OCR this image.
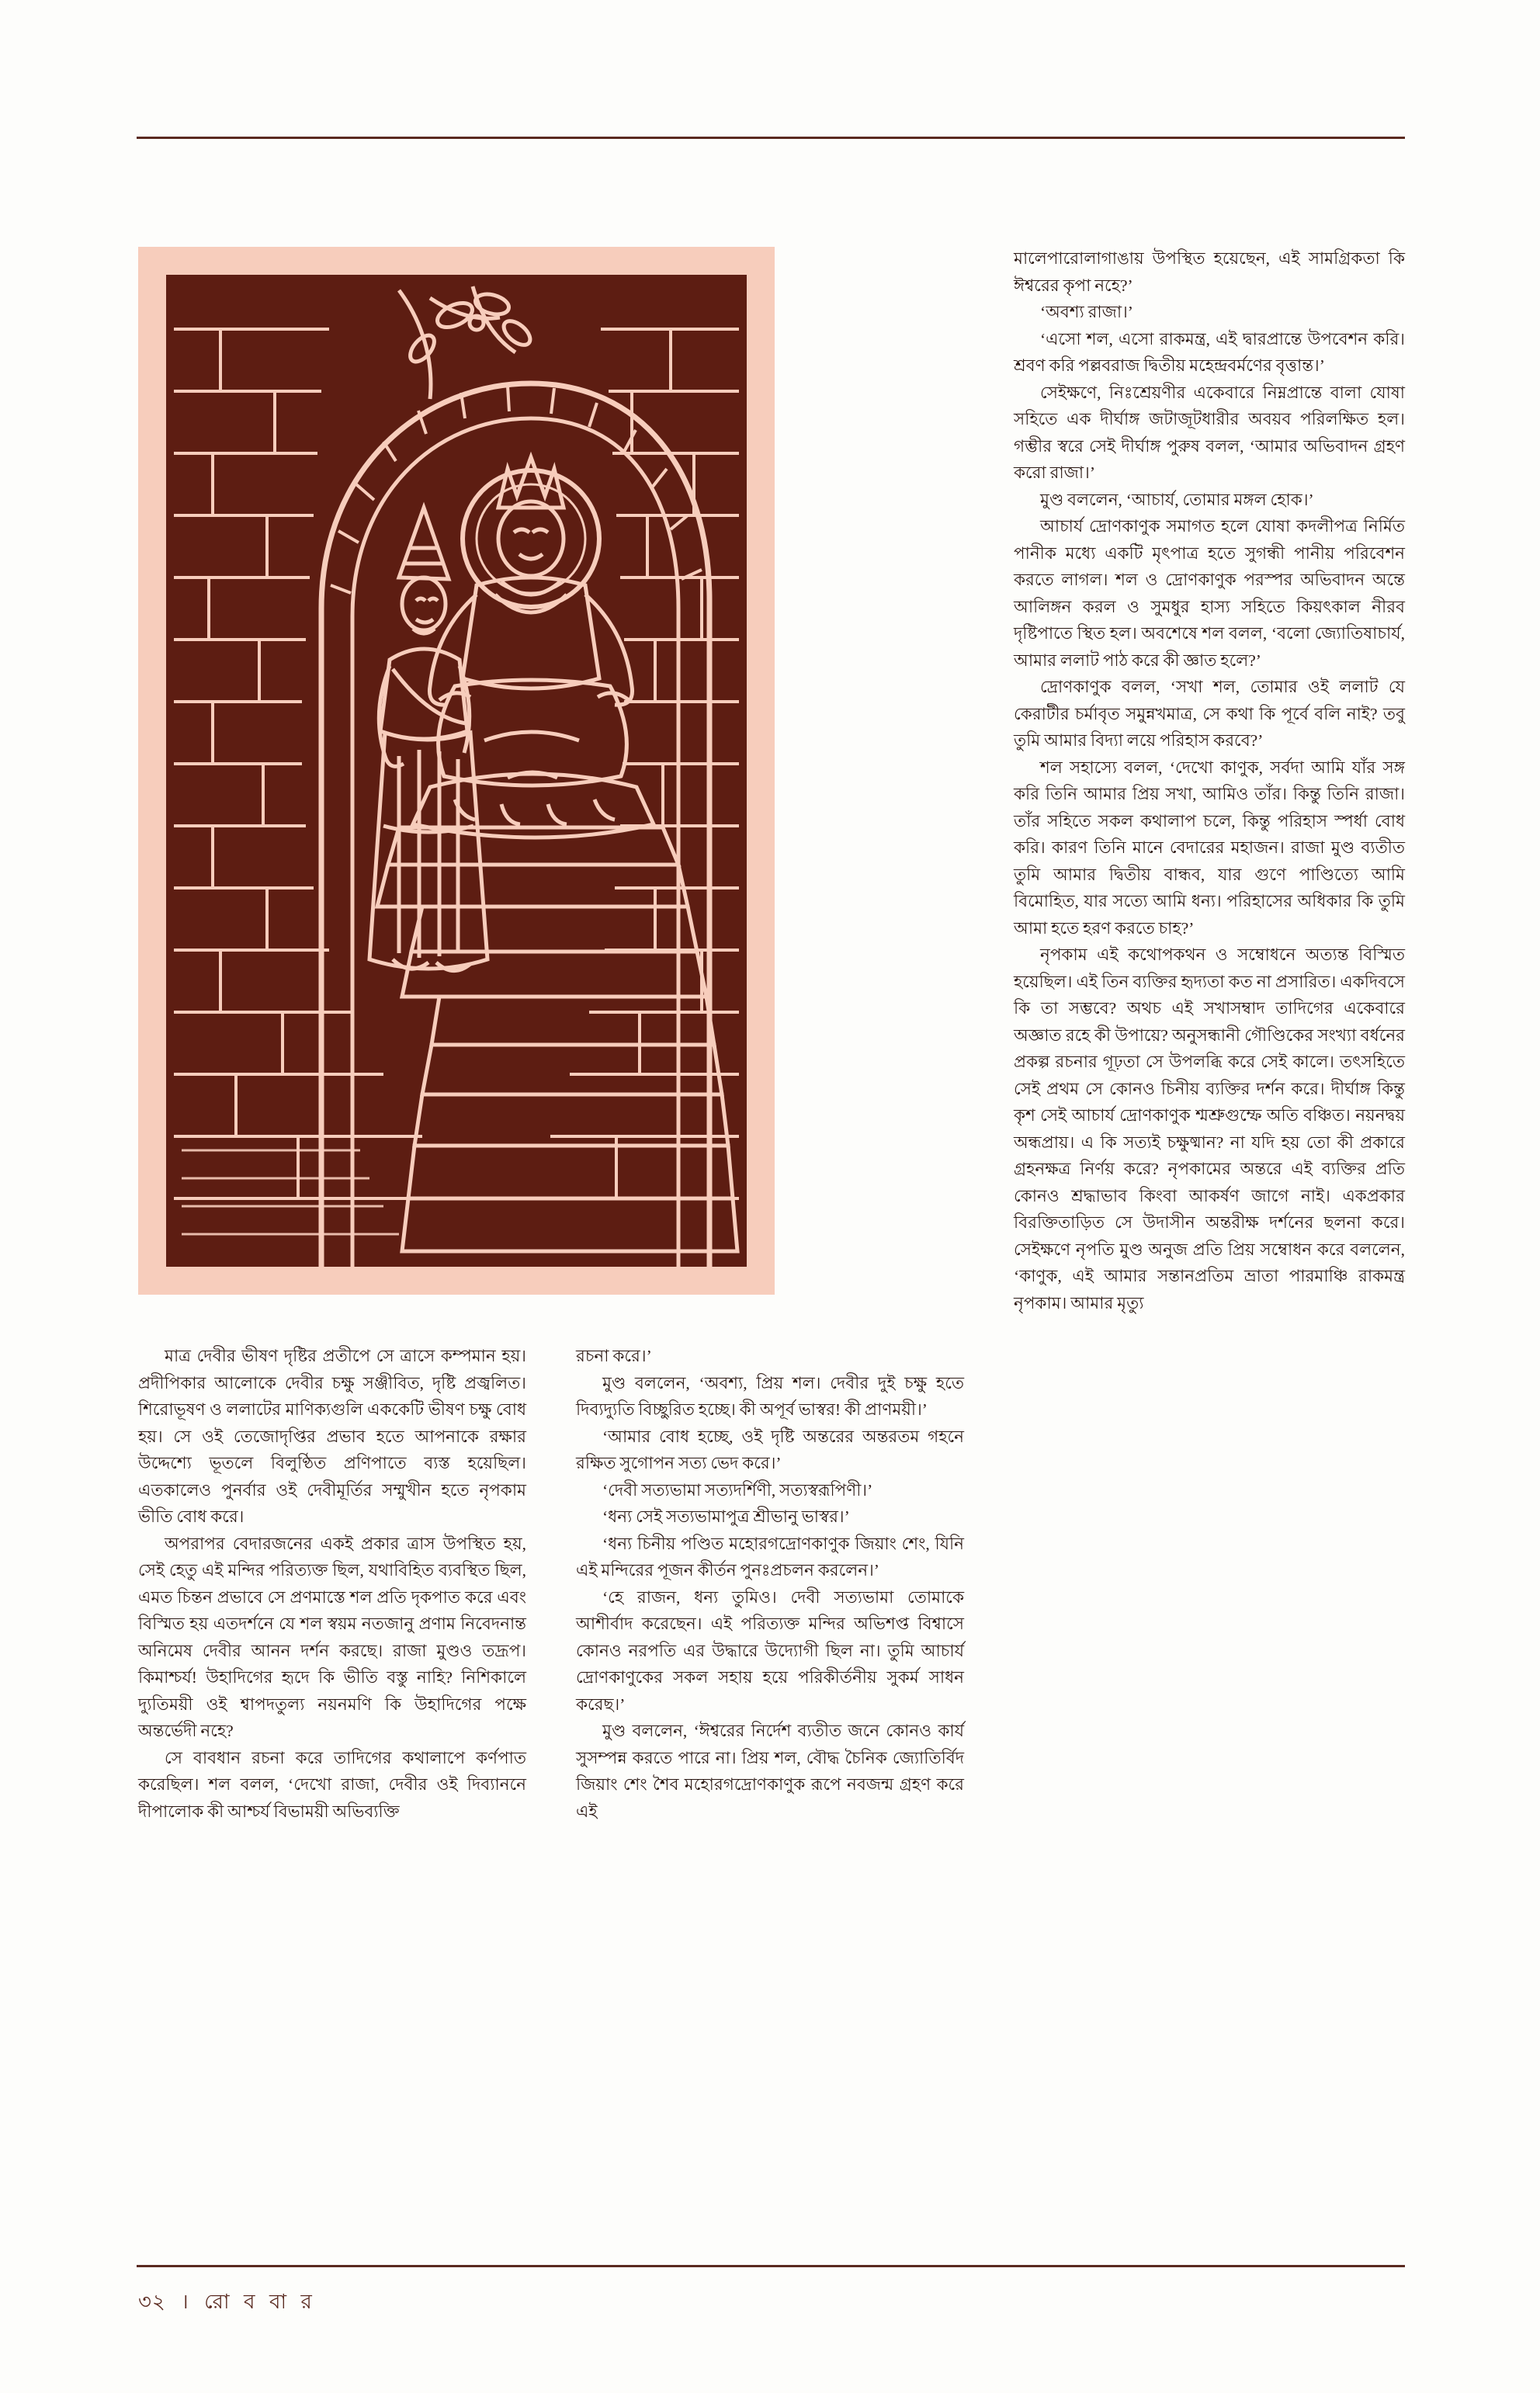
মাত্র দেবীর ভীষণ দৃষ্টির প্রতীপে সে ত্রাসে কম্পমান হয়। প্রদীপিকার আলোকে দেবীর চক্ষু সঞ্জীবিত, দৃষ্টি প্রজ্বলিত। শিরোভূষণ ও ললাটের মাণিক্যগুলি এককেটি ভীষণ চক্ষু বোধ হয়। সে ওই তেজোদৃপ্তির প্রভাব হতে আপনাকে রক্ষার উদ্দেশ্যে ভূতলে বিলুণ্ঠিত প্রণিপাতে ব্যস্ত হয়েছিল। এতকালেও পুনর্বার ওই দেবীমূর্তির সম্মুখীন হতে নৃপকাম ভীতি বোধ করে।

অপরাপর বেদারজনের একই প্রকার ত্রাস উপস্থিত হয়, সেই হেতু এই মন্দির পরিত্যক্ত ছিল, যথাবিহিত ব্যবস্থিত ছিল, এমত চিন্তন প্রভাবে সে প্রণমাস্তে শল প্রতি দৃকপাত করে এবং বিস্মিত হয় এতদর্শনে যে শল স্বয়ম নতজানু প্রণাম নিবেদনান্ত অনিমেষ দেবীর আনন দর্শন করছে। রাজা মুণ্ডও তদ্রূপ। কিমাশ্চর্য! উহাদিগের হৃদে কি ভীতি বস্তু নাহি? নিশিকালে দ্যুতিময়ী ওই শ্বাপদতুল্য নয়নমণি কি উহাদিগের পক্ষে অন্তর্ভেদী নহে?

সে বাবধান রচনা করে তাদিগের কথালাপে কর্ণপাত করেছিল। শল বলল, ‘দেখো রাজা, দেবীর ওই দিব্যাননে দীপালোক কী আশ্চর্য বিভাময়ী অভিব্যক্তি

রচনা করে।’

মুণ্ড বললেন, ‘অবশ্য, প্রিয় শল। দেবীর দুই চক্ষু হতে দিব্যদ্যুতি বিচ্ছুরিত হচ্ছে। কী অপূর্ব ভাস্বর! কী প্রাণময়ী।’

‘আমার বোধ হচ্ছে, ওই দৃষ্টি অন্তরের অন্তরতম গহনে রক্ষিত সুগোপন সত্য ভেদ করে।’

‘দেবী সত্যভামা সত্যদর্শিণী, সত্যস্বরূপিণী।’

‘ধন্য সেই সত্যভামাপুত্র শ্রীভানু ভাস্বর।’

‘ধন্য চিনীয় পণ্ডিত মহোরগদ্রোণকাণুক জিয়াং শেং, যিনি এই মন্দিরের পূজন কীর্তন পুনঃপ্রচলন করলেন।’

‘হে রাজন, ধন্য তুমিও। দেবী সত্যভামা তোমাকে আশীর্বাদ করেছেন। এই পরিত্যক্ত মন্দির অভিশপ্ত বিশ্বাসে কোনও নরপতি এর উদ্ধারে উদ্যোগী ছিল না। তুমি আচার্য দ্রোণকাণুকের সকল সহায় হয়ে পরিকীর্তনীয় সুকর্ম সাধন করেছ।’

মুণ্ড বললেন, ‘ঈশ্বরের নির্দেশ ব্যতীত জনে কোনও কার্য সুসম্পন্ন করতে পারে না। প্রিয় শল, বৌদ্ধ চৈনিক জ্যোতির্বিদ জিয়াং শেং শৈব মহোরগদ্রোণকাণুক রূপে নবজন্ম গ্রহণ করে এই

মালেপারোলাগাঙায় উপস্থিত হয়েছেন, এই সামগ্রিকতা কি ঈশ্বরের কৃপা নহে?’

‘অবশ্য রাজা।’

‘এসো শল, এসো রাকমন্ত্র, এই দ্বারপ্রান্তে উপবেশন করি। শ্রবণ করি পল্লবরাজ দ্বিতীয় মহেন্দ্রবর্মণের বৃত্তান্ত।’

সেইক্ষণে, নিঃশ্রেয়ণীর একেবারে নিম্নপ্রান্তে বালা যোষা সহিতে এক দীর্ঘাঙ্গ জটাজূটধারীর অবয়ব পরিলক্ষিত হল। গম্ভীর স্বরে সেই দীর্ঘাঙ্গ পুরুষ বলল, ‘আমার অভিবাদন গ্রহণ করো রাজা।’

মুণ্ড বললেন, ‘আচার্য, তোমার মঙ্গল হোক।’

আচার্য দ্রোণকাণুক সমাগত হলে যোষা কদলীপত্র নির্মিত পানীক মধ্যে একটি মৃৎপাত্র হতে সুগন্ধী পানীয় পরিবেশন করতে লাগল। শল ও দ্রোণকাণুক পরস্পর অভিবাদন অন্তে আলিঙ্গন করল ও সুমধুর হাস্য সহিতে কিয়ৎকাল নীরব দৃষ্টিপাতে স্থিত হল। অবশেষে শল বলল, ‘বলো জ্যোতিষাচার্য, আমার ললাট পাঠ করে কী জ্ঞাত হলে?’

দ্রোণকাণুক বলল, ‘সখা শল, তোমার ওই ললাট যে কেরাটীর চর্মাবৃত সমুন্নখমাত্র, সে কথা কি পূর্বে বলি নাই? তবু তুমি আমার বিদ্যা লয়ে পরিহাস করবে?’

শল সহাস্যে বলল, ‘দেখো কাণুক, সর্বদা আমি যাঁর সঙ্গ করি তিনি আমার প্রিয় সখা, আমিও তাঁর। কিন্তু তিনি রাজা। তাঁর সহিতে সকল কথালাপ চলে, কিন্তু পরিহাস স্পর্ধা বোধ করি। কারণ তিনি মানে বেদারের মহাজন। রাজা মুণ্ড ব্যতীত তুমি আমার দ্বিতীয় বান্ধব, যার গুণে পাণ্ডিত্যে আমি বিমোহিত, যার সত্যে আমি ধন্য। পরিহাসের অধিকার কি তুমি আমা হতে হরণ করতে চাহ?’

নৃপকাম এই কথোপকথন ও সম্বোধনে অত্যন্ত বিস্মিত হয়েছিল। এই তিন ব্যক্তির হৃদ্যতা কত না প্রসারিত। একদিবসে কি তা সম্ভবে? অথচ এই সখাসম্বাদ তাদিগের একেবারে অজ্ঞাত রহে কী উপায়ে? অনুসন্ধানী গৌণ্ডিকের সংখ্যা বর্ধনের প্রকল্প রচনার গূঢ়তা সে উপলব্ধি করে সেই কালে। তৎসহিতে সেই প্রথম সে কোনও চিনীয় ব্যক্তির দর্শন করে। দীর্ঘাঙ্গ কিন্তু কৃশ সেই আচার্য দ্রোণকাণুক শ্মশ্রুগুম্ফে অতি বঞ্চিত। নয়নদ্বয় অন্ধপ্রায়। এ কি সত্যই চক্ষুষ্মান? না যদি হয় তো কী প্রকারে গ্রহনক্ষত্র নির্ণয় করে? নৃপকামের অন্তরে এই ব্যক্তির প্রতি কোনও শ্রদ্ধাভাব কিংবা আকর্ষণ জাগে নাই। একপ্রকার বিরক্তিতাড়িত সে উদাসীন অন্তরীক্ষ দর্শনের ছলনা করে। সেইক্ষণে নৃপতি মুণ্ড অনুজ প্রতি প্রিয় সম্বোধন করে বললেন, ‘কাণুক, এই আমার সন্তানপ্রতিম ভ্রাতা পারমাঞ্চি রাকমন্ত্র নৃপকাম। আমার মৃত্যু

৩২ । রো ব বা র
